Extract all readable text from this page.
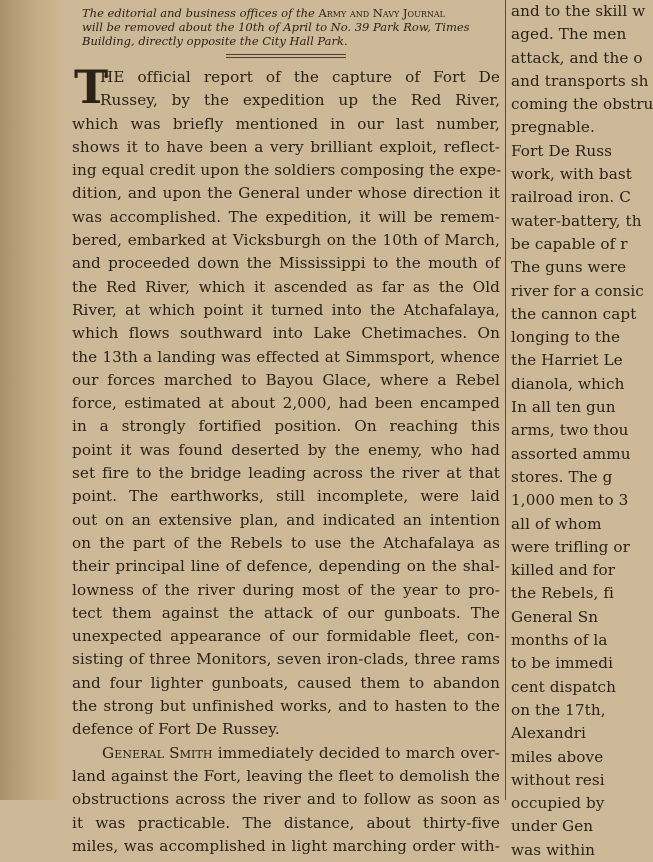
The editorial and business offices of the Army and Navy Journal
will be removed about the 10th of April to No. 39 Park Row, Times
Building, directly opposite the City Hall Park.
T
HE official report of the capture of Fort De
Russey, by the expedition up the Red River,
which was briefly mentioned in our last number,
shows it to have been a very brilliant exploit, reflect-
ing equal credit upon the soldiers composing the expe-
dition, and upon the General under whose direction it
was accomplished. The expedition, it will be remem-
bered, embarked at Vicksburgh on the 10th of March,
and proceeded down the Mississippi to the mouth of
the Red River, which it ascended as far as the Old
River, at which point it turned into the Atchafalaya,
which flows southward into Lake Chetimaches. On
the 13th a landing was effected at Simmsport, whence
our forces marched to Bayou Glace, where a Rebel
force, estimated at about 2,000, had been encamped
in a strongly fortified position. On reaching this
point it was found deserted by the enemy, who had
set fire to the bridge leading across the river at that
point. The earthworks, still incomplete, were laid
out on an extensive plan, and indicated an intention
on the part of the Rebels to use the Atchafalaya as
their principal line of defence, depending on the shal-
lowness of the river during most of the year to pro-
tect them against the attack of our gunboats. The
unexpected appearance of our formidable fleet, con-
sisting of three Monitors, seven iron-clads, three rams
and four lighter gunboats, caused them to abandon
the strong but unfinished works, and to hasten to the
defence of Fort De Russey.
General Smith immediately decided to march over-
land against the Fort, leaving the fleet to demolish the
obstructions across the river and to follow as soon as
it was practicable. The distance, about thirty-five
miles, was accomplished in light marching order with-
and to the skill w
aged. The men
attack, and the o
and transports sh
coming the obstru
pregnable.
Fort De Russ
work, with bast
railroad iron. C
water-battery, th
be capable of r
The guns were
river for a consic
the cannon capt
longing to the
the Harriet Le
dianola, which
In all ten gun
arms, two thou
assorted ammu
stores. The g
1,000 men to 3
all of whom
were trifling or
killed and for
the Rebels, fi
General Sn
months of la
to be immedi
cent dispatch
on the 17th,
Alexandri
miles above
without resi
occupied by
under Gen
was within
